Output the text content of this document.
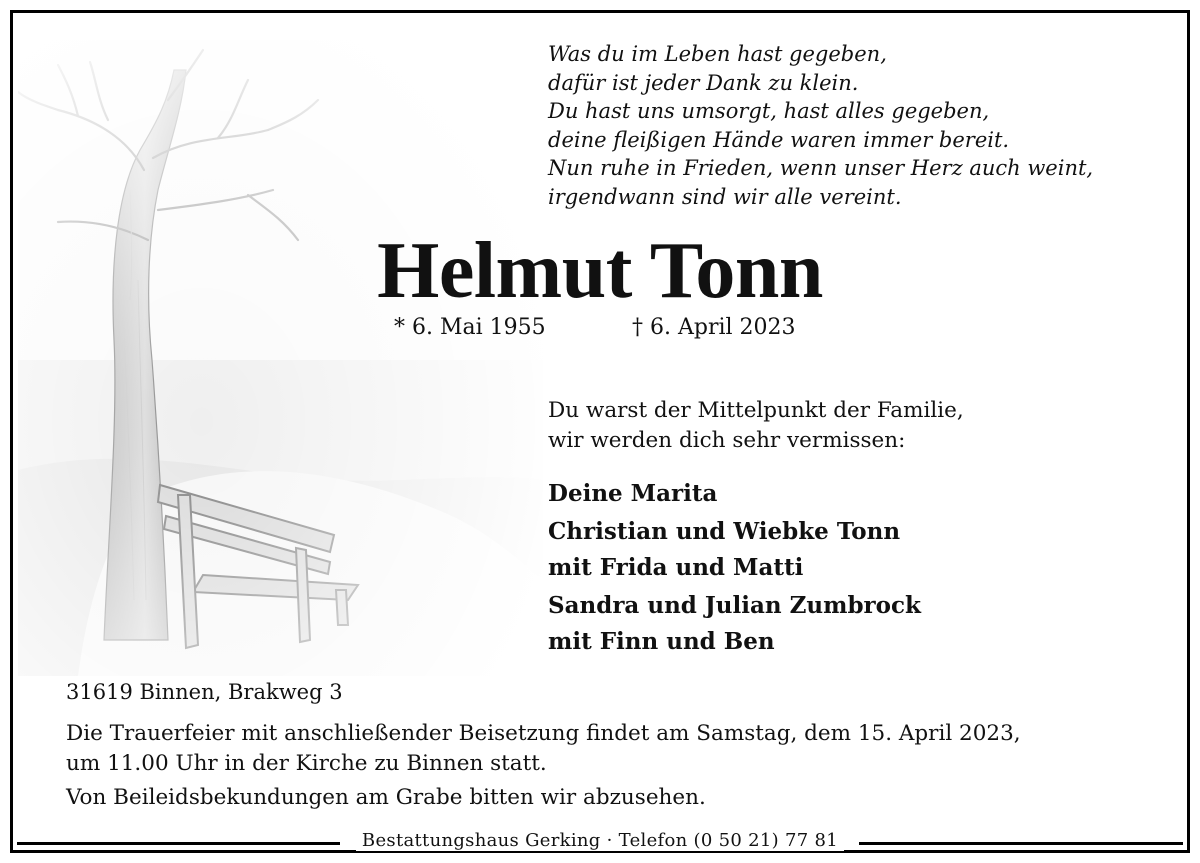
Was du im Leben hast gegeben,
dafür ist jeder Dank zu klein.
Du hast uns umsorgt, hast alles gegeben,
deine fleißigen Hände waren immer bereit.
Nun ruhe in Frieden, wenn unser Herz auch weint,
irgendwann sind wir alle vereint.
Helmut Tonn
* 6. Mai 1955	† 6. April 2023
Du warst der Mittelpunkt der Familie,
wir werden dich sehr vermissen:
Deine Marita
Christian und Wiebke Tonn
mit Frida und Matti
Sandra und Julian Zumbrock
mit Finn und Ben
31619 Binnen, Brakweg 3
Die Trauerfeier mit anschließender Beisetzung findet am Samstag, dem 15. April 2023,
um 11.00 Uhr in der Kirche zu Binnen statt.
Von Beileidsbekundungen am Grabe bitten wir abzusehen.
Bestattungshaus Gerking · Telefon (0 50 21) 77 81
